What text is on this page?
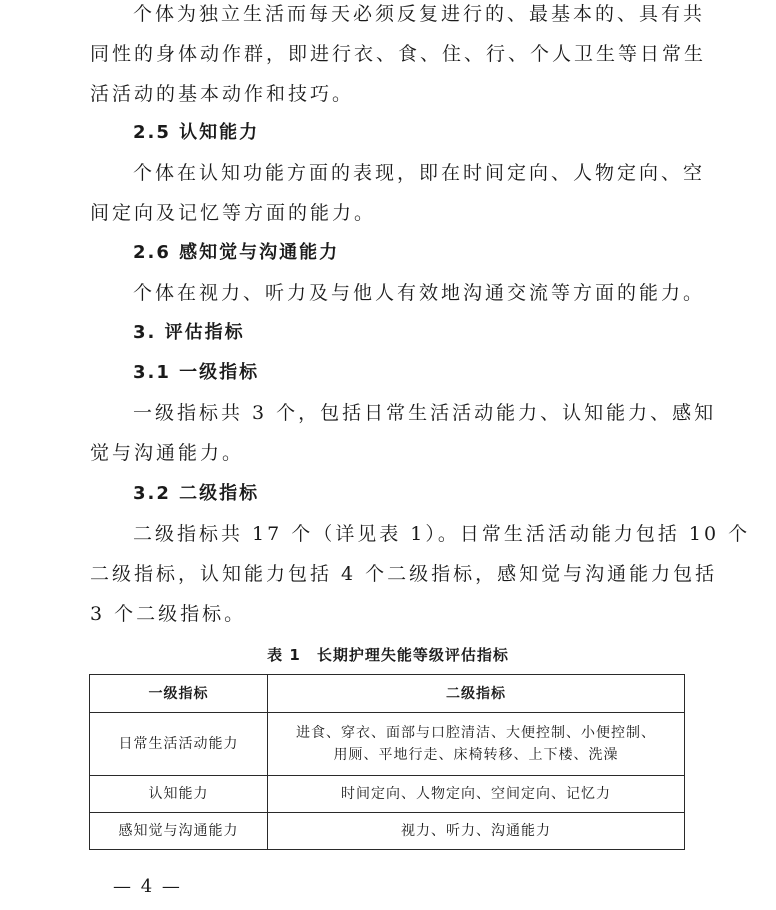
个体为独立生活而每天必须反复进行的、最基本的、具有共
同性的身体动作群，即进行衣、食、住、行、个人卫生等日常生
活活动的基本动作和技巧。
2.5 认知能力
个体在认知功能方面的表现，即在时间定向、人物定向、空
间定向及记忆等方面的能力。
2.6 感知觉与沟通能力
个体在视力、听力及与他人有效地沟通交流等方面的能力。
3. 评估指标
3.1 一级指标
一级指标共 3 个，包括日常生活活动能力、认知能力、感知
觉与沟通能力。
3.2 二级指标
二级指标共 17 个（详见表 1）。日常生活活动能力包括 10 个
二级指标，认知能力包括 4 个二级指标，感知觉与沟通能力包括
3 个二级指标。
表 1　长期护理失能等级评估指标
一级指标	二级指标
日常生活活动能力	进食、穿衣、面部与口腔清洁、大便控制、小便控制、
用厕、平地行走、床椅转移、上下楼、洗澡

认知能力	时间定向、人物定向、空间定向、记忆力
感知觉与沟通能力	视力、听力、沟通能力
— 4 —
